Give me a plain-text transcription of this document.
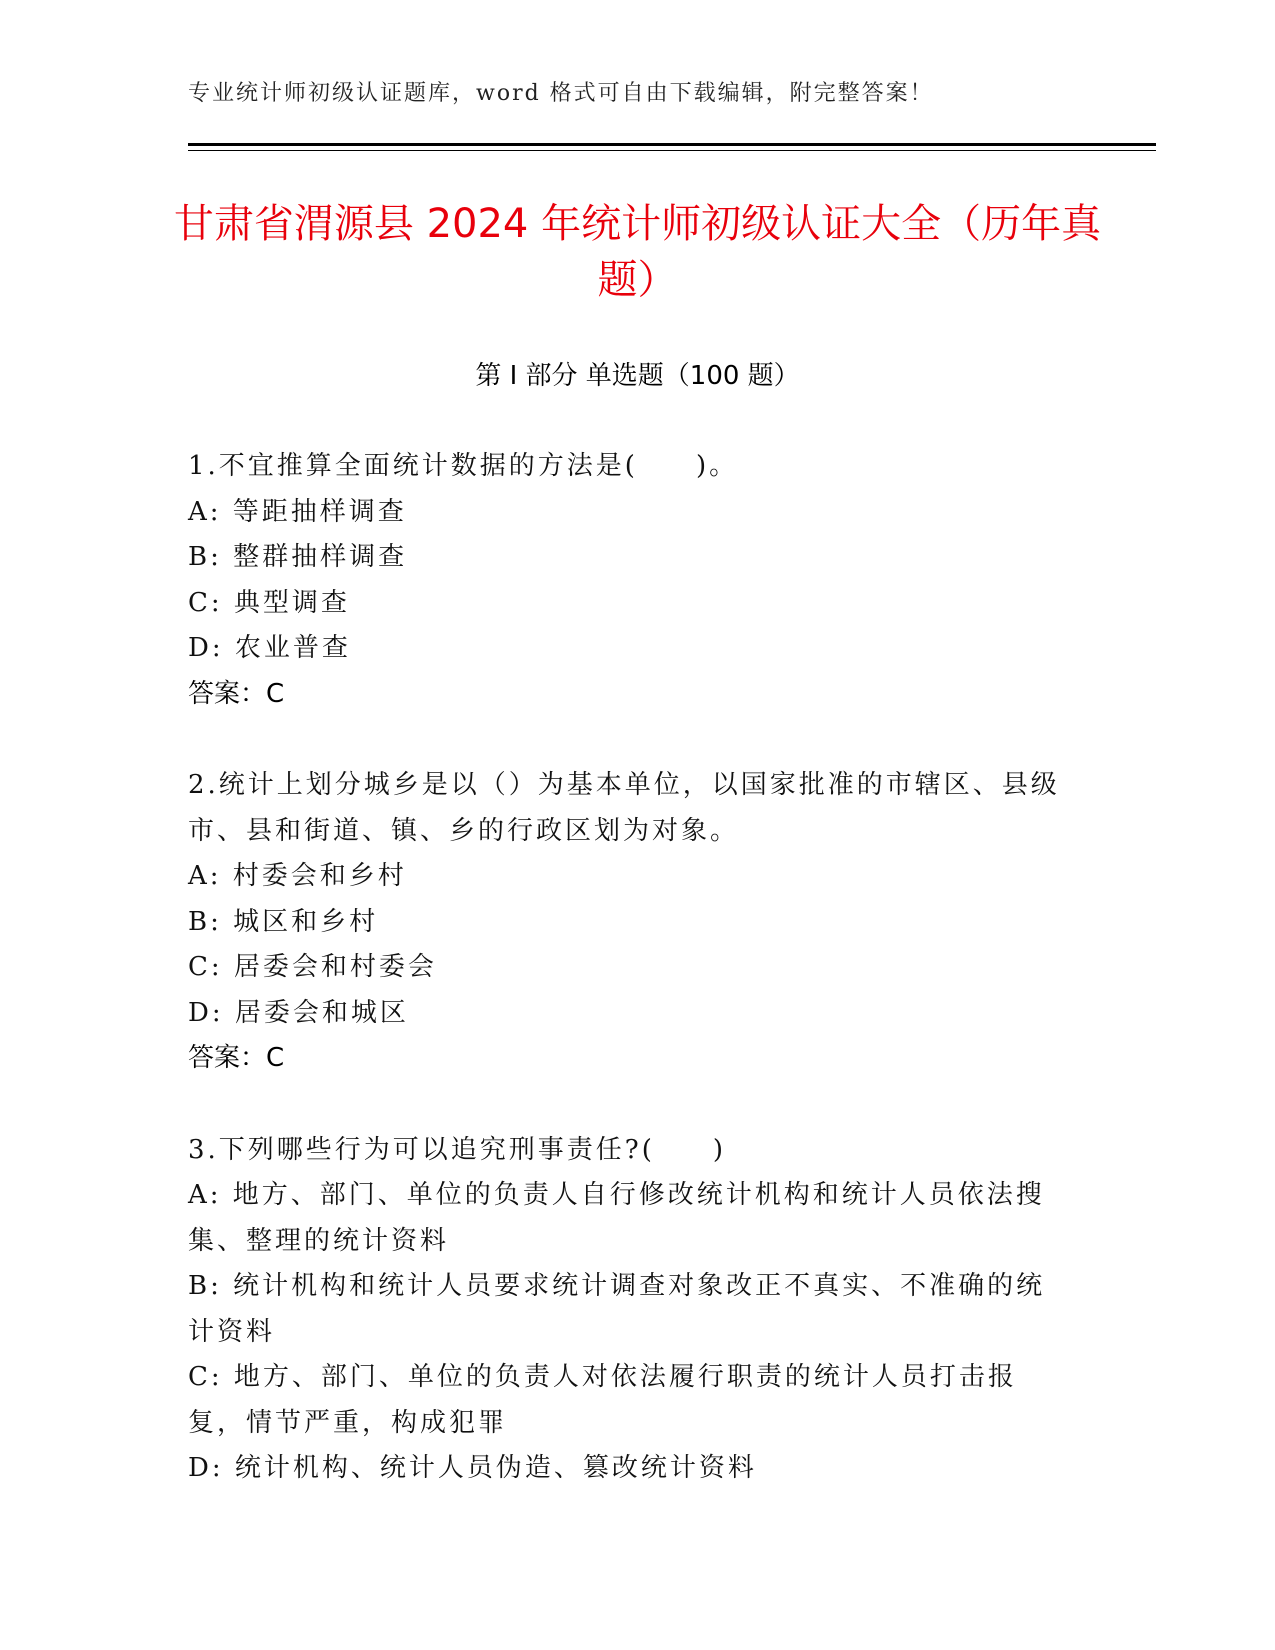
专业统计师初级认证题库，word 格式可自由下载编辑，附完整答案！
甘肃省渭源县 2024 年统计师初级认证大全（历年真题）
第 I 部分 单选题（100 题）
1.不宜推算全面统计数据的方法是(　　)。
A: 等距抽样调查
B: 整群抽样调查
C: 典型调查
D: 农业普查
答案：C
2.统计上划分城乡是以（）为基本单位，以国家批准的市辖区、县级市、县和街道、镇、乡的行政区划为对象。
A: 村委会和乡村
B: 城区和乡村
C: 居委会和村委会
D: 居委会和城区
答案：C
3.下列哪些行为可以追究刑事责任?(　　)
A: 地方、部门、单位的负责人自行修改统计机构和统计人员依法搜集、整理的统计资料
B: 统计机构和统计人员要求统计调查对象改正不真实、不准确的统计资料
C: 地方、部门、单位的负责人对依法履行职责的统计人员打击报复，情节严重，构成犯罪
D: 统计机构、统计人员伪造、篡改统计资料
